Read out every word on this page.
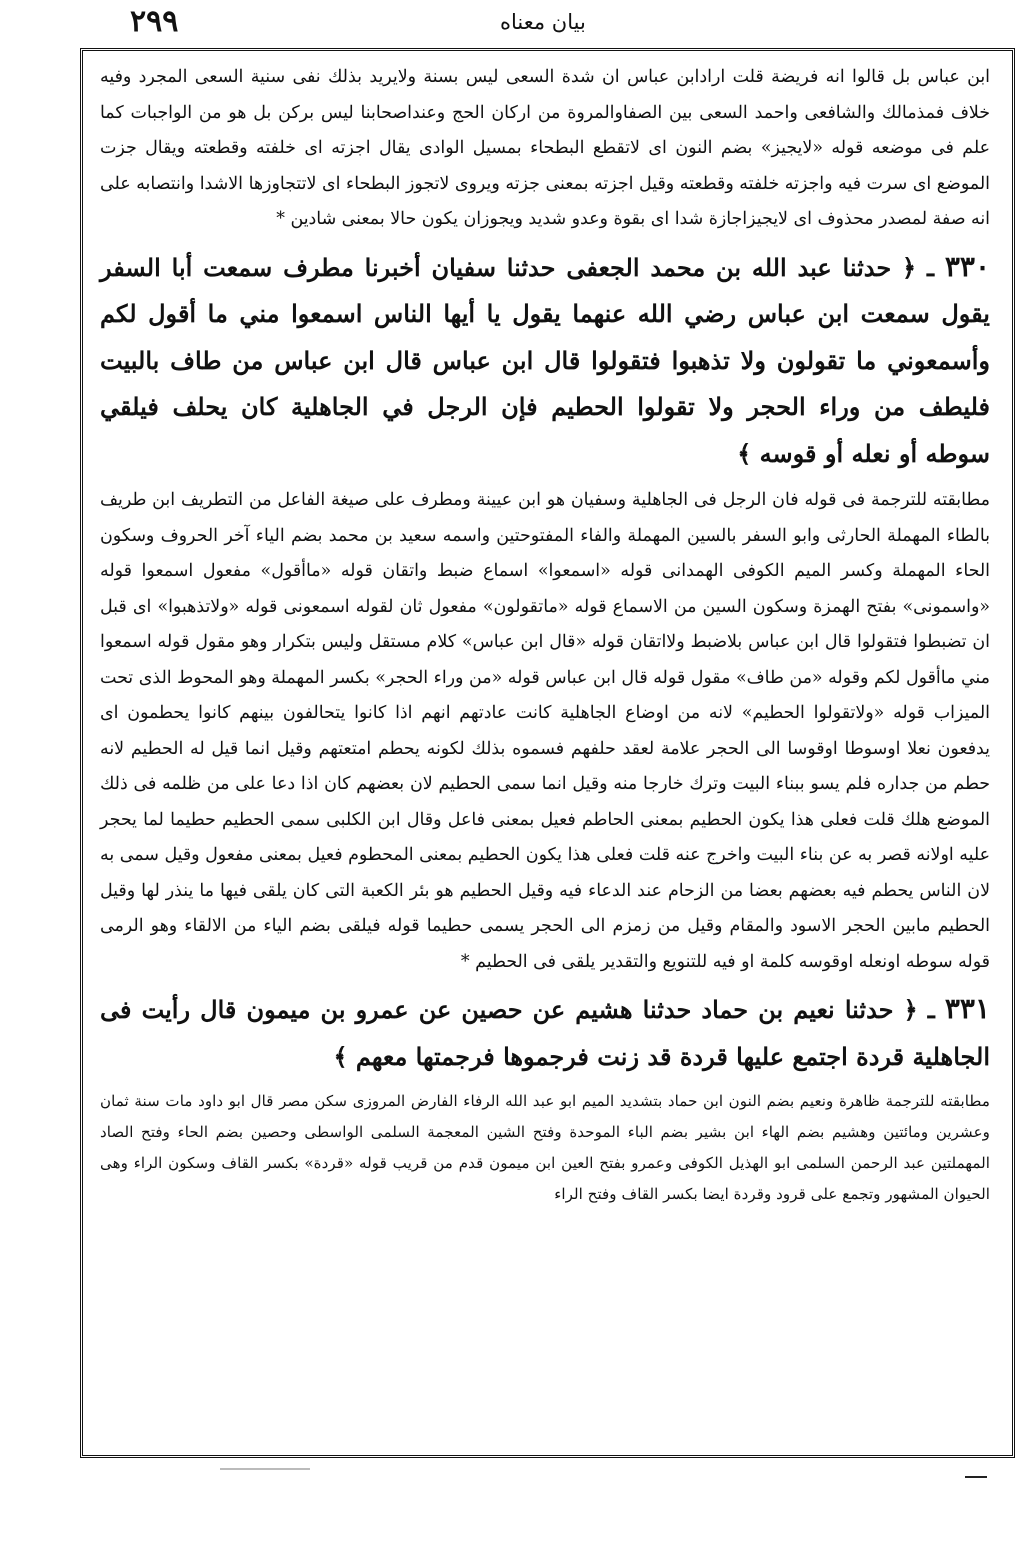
٢٩٩	بيان معناه

ابن عباس بل قالوا انه فريضة قلت ارادابن عباس ان شدة السعى ليس بسنة ولايريد بذلك نفى سنية السعى المجرد وفيه خلاف فمذمالك والشافعى واحمد السعى بين الصفاوالمروة من اركان الحج وعنداصحابنا ليس بركن بل هو من الواجبات كما علم فى موضعه قوله «لايجيز» بضم النون اى لاتقطع البطحاء بمسيل الوادى يقال اجزته اى خلفته وقطعته ويقال جزت الموضع اى سرت فيه واجزته خلفته وقطعته وقيل اجزته بمعنى جزته ويروى لاتجوز البطحاء اى لاتتجاوزها الاشدا وانتصابه على انه صفة لمصدر محذوف اى لايجيزاجازة شدا اى بقوة وعدو شديد ويجوزان يكون حالا بمعنى شادين *

٣٣٠ ـ ﴿ حدثنا عبد الله بن محمد الجعفى حدثنا سفيان أخبرنا مطرف سمعت أبا السفر يقول سمعت ابن عباس رضي الله عنهما يقول يا أيها الناس اسمعوا مني ما أقول لكم وأسمعوني ما تقولون ولا تذهبوا فتقولوا قال ابن عباس قال ابن عباس من طاف بالبيت فليطف من وراء الحجر ولا تقولوا الحطيم فإن الرجل في الجاهلية كان يحلف فيلقي سوطه أو نعله أو قوسه ﴾

مطابقته للترجمة فى قوله فان الرجل فى الجاهلية وسفيان هو ابن عيينة ومطرف على صيغة الفاعل من التطريف ابن طريف بالطاء المهملة الحارثى وابو السفر بالسين المهملة والفاء المفتوحتين واسمه سعيد بن محمد بضم الياء آخر الحروف وسكون الحاء المهملة وكسر الميم الكوفى الهمدانى قوله «اسمعوا» اسماع ضبط واتقان قوله «ماأقول» مفعول اسمعوا قوله «واسمونى» بفتح الهمزة وسكون السين من الاسماع قوله «ماتقولون» مفعول ثان لقوله اسمعونى قوله «ولاتذهبوا» اى قبل ان تضبطوا فتقولوا قال ابن عباس بلاضبط ولااتقان قوله «قال ابن عباس» كلام مستقل وليس بتكرار وهو مقول قوله اسمعوا مني ماأقول لكم وقوله «من طاف» مقول قوله قال ابن عباس قوله «من وراء الحجر» بكسر المهملة وهو المحوط الذى تحت الميزاب قوله «ولاتقولوا الحطيم» لانه من اوضاع الجاهلية كانت عادتهم انهم اذا كانوا يتحالفون بينهم كانوا يحطمون اى يدفعون نعلا اوسوطا اوقوسا الى الحجر علامة لعقد حلفهم فسموه بذلك لكونه يحطم امتعتهم وقيل انما قيل له الحطيم لانه حطم من جداره فلم يسو ببناء البيت وترك خارجا منه وقيل انما سمى الحطيم لان بعضهم كان اذا دعا على من ظلمه فى ذلك الموضع هلك قلت فعلى هذا يكون الحطيم بمعنى الحاطم فعيل بمعنى فاعل وقال ابن الكلبى سمى الحطيم حطيما لما يحجر عليه اولانه قصر به عن بناء البيت واخرج عنه قلت فعلى هذا يكون الحطيم بمعنى المحطوم فعيل بمعنى مفعول وقيل سمى به لان الناس يحطم فيه بعضهم بعضا من الزحام عند الدعاء فيه وقيل الحطيم هو بئر الكعبة التى كان يلقى فيها ما ينذر لها وقيل الحطيم مابين الحجر الاسود والمقام وقيل من زمزم الى الحجر يسمى حطيما قوله فيلقى بضم الياء من الالقاء وهو الرمى قوله سوطه اونعله اوقوسه كلمة او فيه للتنويع والتقدير يلقى فى الحطيم *

٣٣١ ـ ﴿ حدثنا نعيم بن حماد حدثنا هشيم عن حصين عن عمرو بن ميمون قال رأيت فى الجاهلية قردة اجتمع عليها قردة قد زنت فرجموها فرجمتها معهم ﴾

مطابقته للترجمة ظاهرة ونعيم بضم النون ابن حماد بتشديد الميم ابو عبد الله الرفاء الفارض المروزى سكن مصر قال ابو داود مات سنة ثمان وعشرين ومائتين وهشيم بضم الهاء ابن بشير بضم الباء الموحدة وفتح الشين المعجمة السلمى الواسطى وحصين بضم الحاء وفتح الصاد المهملتين عبد الرحمن السلمى ابو الهذيل الكوفى وعمرو بفتح العين ابن ميمون قدم من قريب قوله «قردة» بكسر القاف وسكون الراء وهى الحيوان المشهور وتجمع على قرود وقردة ايضا بكسر القاف وفتح الراء
